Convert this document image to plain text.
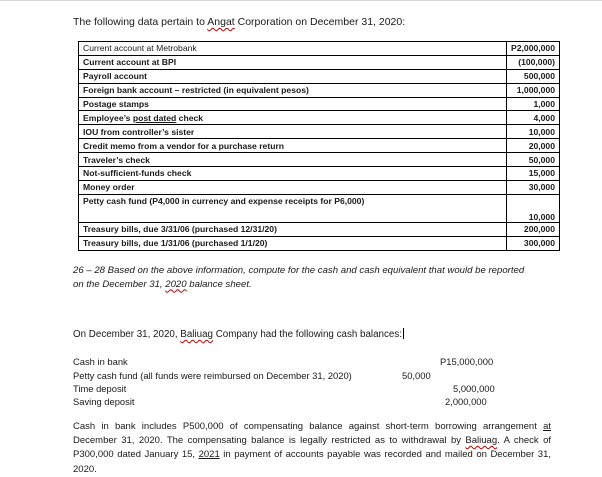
The following data pertain to Angat Corporation on December 31, 2020:
Current account at Metrobank	P2,000,000
Current account at BPI	(100,000)
Payroll account	500,000
Foreign bank account – restricted (in equivalent pesos)	1,000,000
Postage stamps	1,000
Employee’s post dated check	4,000
IOU from controller’s sister	10,000
Credit memo from a vendor for a purchase return	20,000
Traveler’s check	50,000
Not-sufficient-funds check	15,000
Money order	30,000
Petty cash fund (P4,000 in currency and expense receipts for P6,000)	10,000
Treasury bills, due 3/31/06 (purchased 12/31/20)	200,000
Treasury bills, due 1/31/06 (purchased 1/1/20)	300,000
26 – 28 Based on the above information, compute for the cash and cash equivalent that would be reported
on the December 31, 2020 balance sheet.
On December 31, 2020, Baliuag Company had the following cash balances:
Cash in bank	P15,000,000
Petty cash fund (all funds were reimbursed on December 31, 2020)	50,000
Time deposit	5,000,000
Saving deposit	2,000,000
Cash in bank includes P500,000 of compensating balance against short-term borrowing arrangement at December 31, 2020. The compensating balance is legally restricted as to withdrawal by Baliuag. A check of P300,000 dated January 15, 2021 in payment of accounts payable was recorded and mailed on December 31, 2020.
